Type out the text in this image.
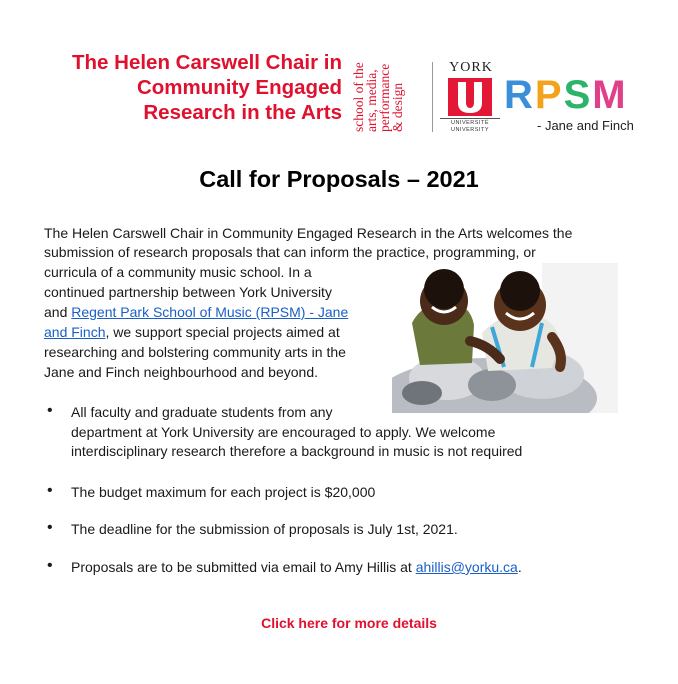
The Helen Carswell Chair in
Community Engaged
Research in the Arts school of the
arts, media,
performance
& design
YORK
UNIVERSITÉ
UNIVERSITY
RPSM
- Jane and Finch
Call for Proposals – 2021
The Helen Carswell Chair in Community Engaged Research in the Arts welcomes the
submission of research proposals that can inform the practice, programming, or
curricula of a community music school. In a
continued partnership between York University
and Regent Park School of Music (RPSM) - Jane
and Finch, we support special projects aimed at
researching and bolstering community arts in the
Jane and Finch neighbourhood and beyond.
• All faculty and graduate students from any
department at York University are encouraged to apply. We welcome
interdisciplinary research therefore a background in music is not required
• The budget maximum for each project is $20,000
• The deadline for the submission of proposals is July 1st, 2021.
• Proposals are to be submitted via email to Amy Hillis at ahillis@yorku.ca.
Click here for more details
